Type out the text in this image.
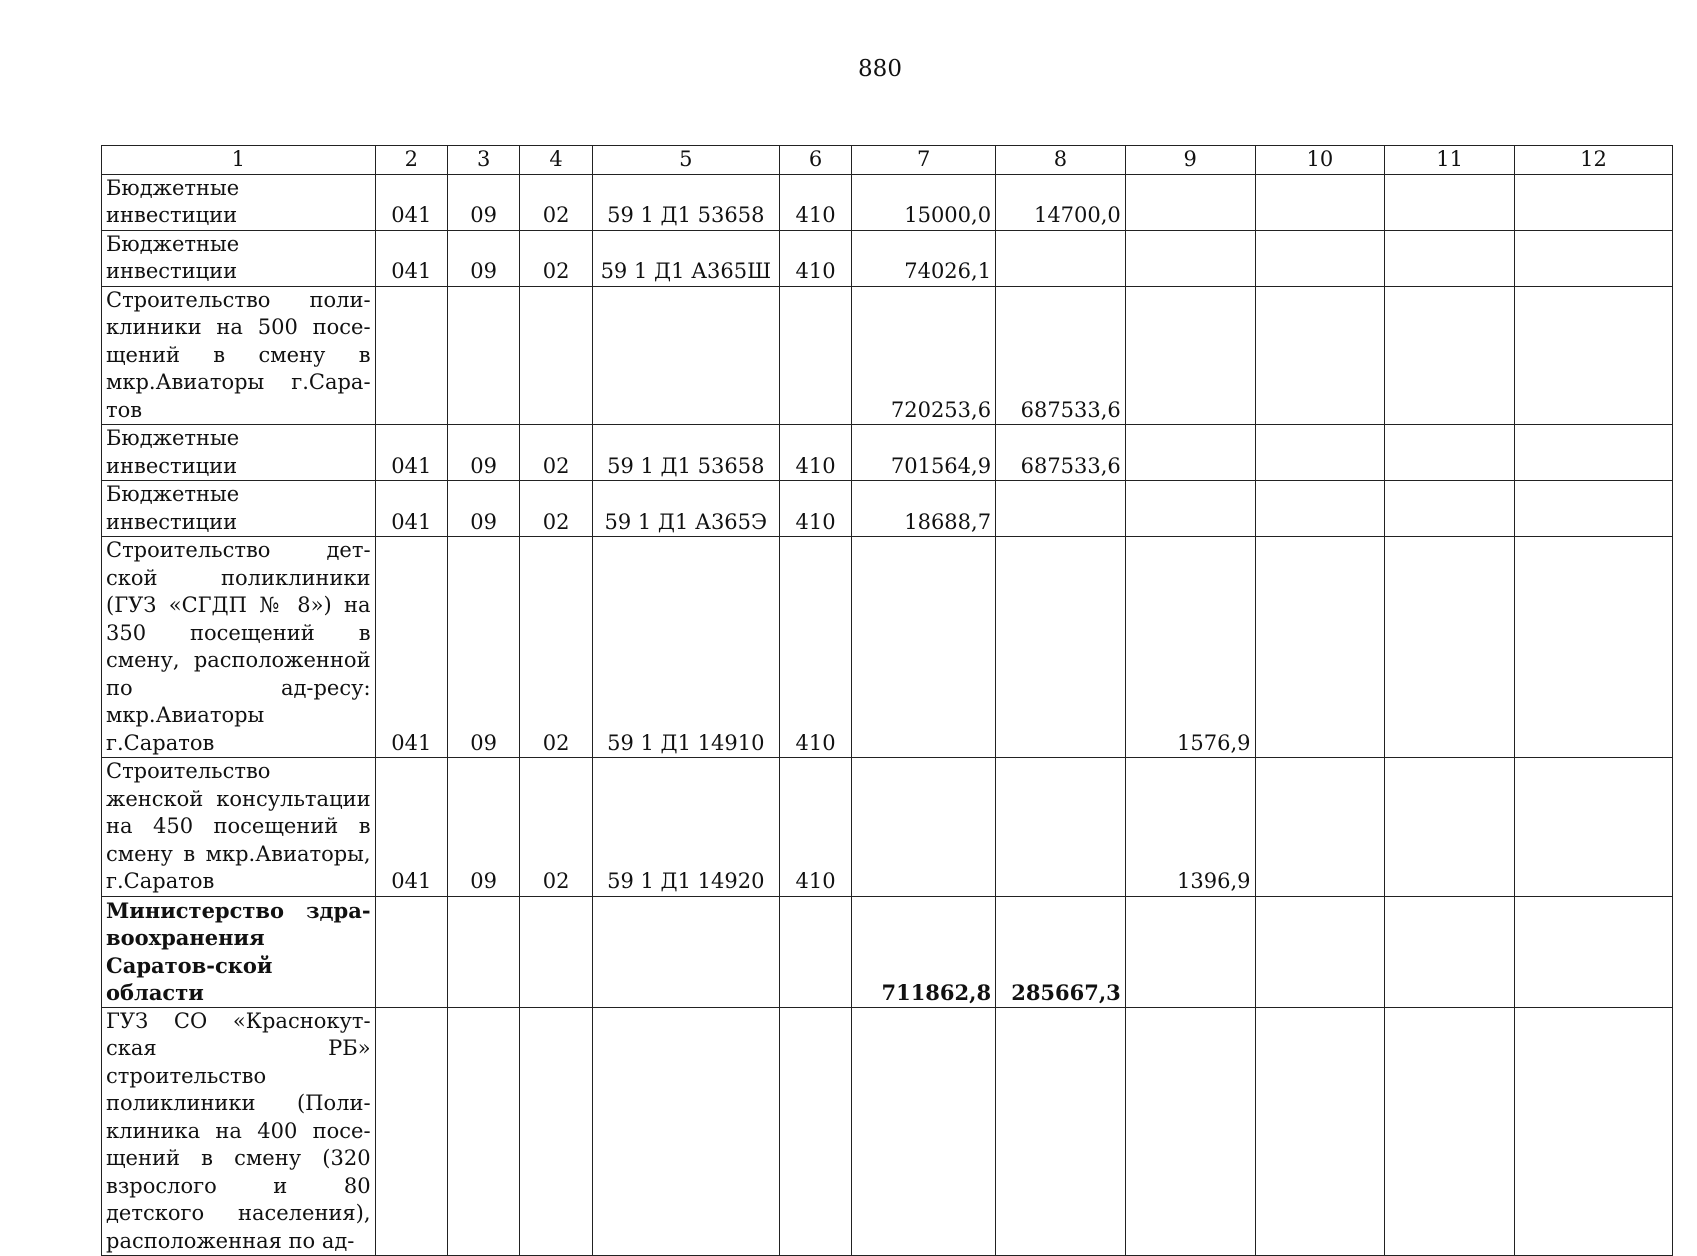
880
1	2	3	4	5	6	7	8	9	10	11	12
Бюджетные инвестиции	041	09	02	59 1 Д1 53658	410	15000,0	14700,0				
Бюджетные инвестиции	041	09	02	59 1 Д1 А365Ш	410	74026,1					
Строительство поли-клиники на 500 посе-щений в смену в мкр.Авиаторы г.Сара-тов						720253,6	687533,6				
Бюджетные инвестиции	041	09	02	59 1 Д1 53658	410	701564,9	687533,6				
Бюджетные инвестиции	041	09	02	59 1 Д1 А365Э	410	18688,7					
Строительство дет-ской поликлиники (ГУЗ «СГДП № 8») на 350 посещений в смену, расположенной по ад-ресу: мкр.Авиаторы г.Саратов	041	09	02	59 1 Д1 14910	410			1576,9			
Строительство женской консультации на 450 посещений в смену в мкр.Авиаторы, г.Саратов	041	09	02	59 1 Д1 14920	410			1396,9			
Министерство здра-воохранения Саратов-ской области						711862,8	285667,3				
ГУЗ СО «Краснокут-ская РБ» строительство поликлиники (Поли-клиника на 400 посе-щений в смену (320 взрослого и 80 детского населения), расположенная по ад-											
